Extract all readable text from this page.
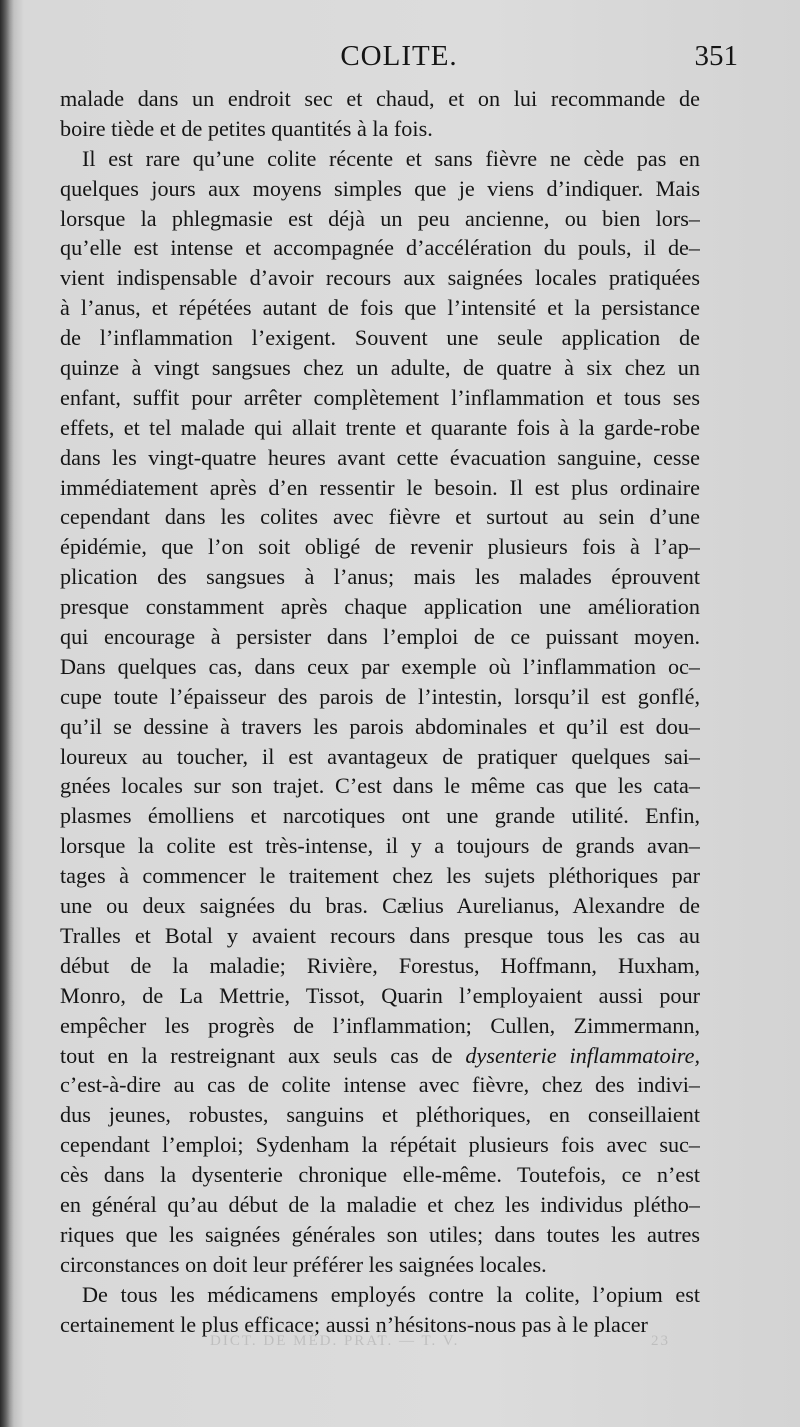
COLITE.	351
malade dans un endroit sec et chaud, et on lui recommande de
boire tiède et de petites quantités à la fois.
Il est rare qu’une colite récente et sans fièvre ne cède pas en
quelques jours aux moyens simples que je viens d’indiquer. Mais
lorsque la phlegmasie est déjà un peu ancienne, ou bien lors–
qu’elle est intense et accompagnée d’accélération du pouls, il de–
vient indispensable d’avoir recours aux saignées locales pratiquées
à l’anus, et répétées autant de fois que l’intensité et la persistance
de l’inflammation l’exigent. Souvent une seule application de
quinze à vingt sangsues chez un adulte, de quatre à six chez un
enfant, suffit pour arrêter complètement l’inflammation et tous ses
effets, et tel malade qui allait trente et quarante fois à la garde-robe
dans les vingt-quatre heures avant cette évacuation sanguine, cesse
immédiatement après d’en ressentir le besoin. Il est plus ordinaire
cependant dans les colites avec fièvre et surtout au sein d’une
épidémie, que l’on soit obligé de revenir plusieurs fois à l’ap–
plication des sangsues à l’anus; mais les malades éprouvent
presque constamment après chaque application une amélioration
qui encourage à persister dans l’emploi de ce puissant moyen.
Dans quelques cas, dans ceux par exemple où l’inflammation oc–
cupe toute l’épaisseur des parois de l’intestin, lorsqu’il est gonflé,
qu’il se dessine à travers les parois abdominales et qu’il est dou–
loureux au toucher, il est avantageux de pratiquer quelques sai–
gnées locales sur son trajet. C’est dans le même cas que les cata–
plasmes émolliens et narcotiques ont une grande utilité. Enfin,
lorsque la colite est très-intense, il y a toujours de grands avan–
tages à commencer le traitement chez les sujets pléthoriques par
une ou deux saignées du bras. Cælius Aurelianus, Alexandre de
Tralles et Botal y avaient recours dans presque tous les cas au
début de la maladie; Rivière, Forestus, Hoffmann, Huxham,
Monro, de La Mettrie, Tissot, Quarin l’employaient aussi pour
empêcher les progrès de l’inflammation; Cullen, Zimmermann,
tout en la restreignant aux seuls cas de dysenterie inflammatoire,
c’est-à-dire au cas de colite intense avec fièvre, chez des indivi–
dus jeunes, robustes, sanguins et pléthoriques, en conseillaient
cependant l’emploi; Sydenham la répétait plusieurs fois avec suc–
cès dans la dysenterie chronique elle-même. Toutefois, ce n’est
en général qu’au début de la maladie et chez les individus plétho–
riques que les saignées générales son utiles; dans toutes les autres
circonstances on doit leur préférer les saignées locales.
De tous les médicamens employés contre la colite, l’opium est
certainement le plus efficace; aussi n’hésitons-nous pas à le placer
DICT. DE MÉD. PRAT. — T. V.	23
